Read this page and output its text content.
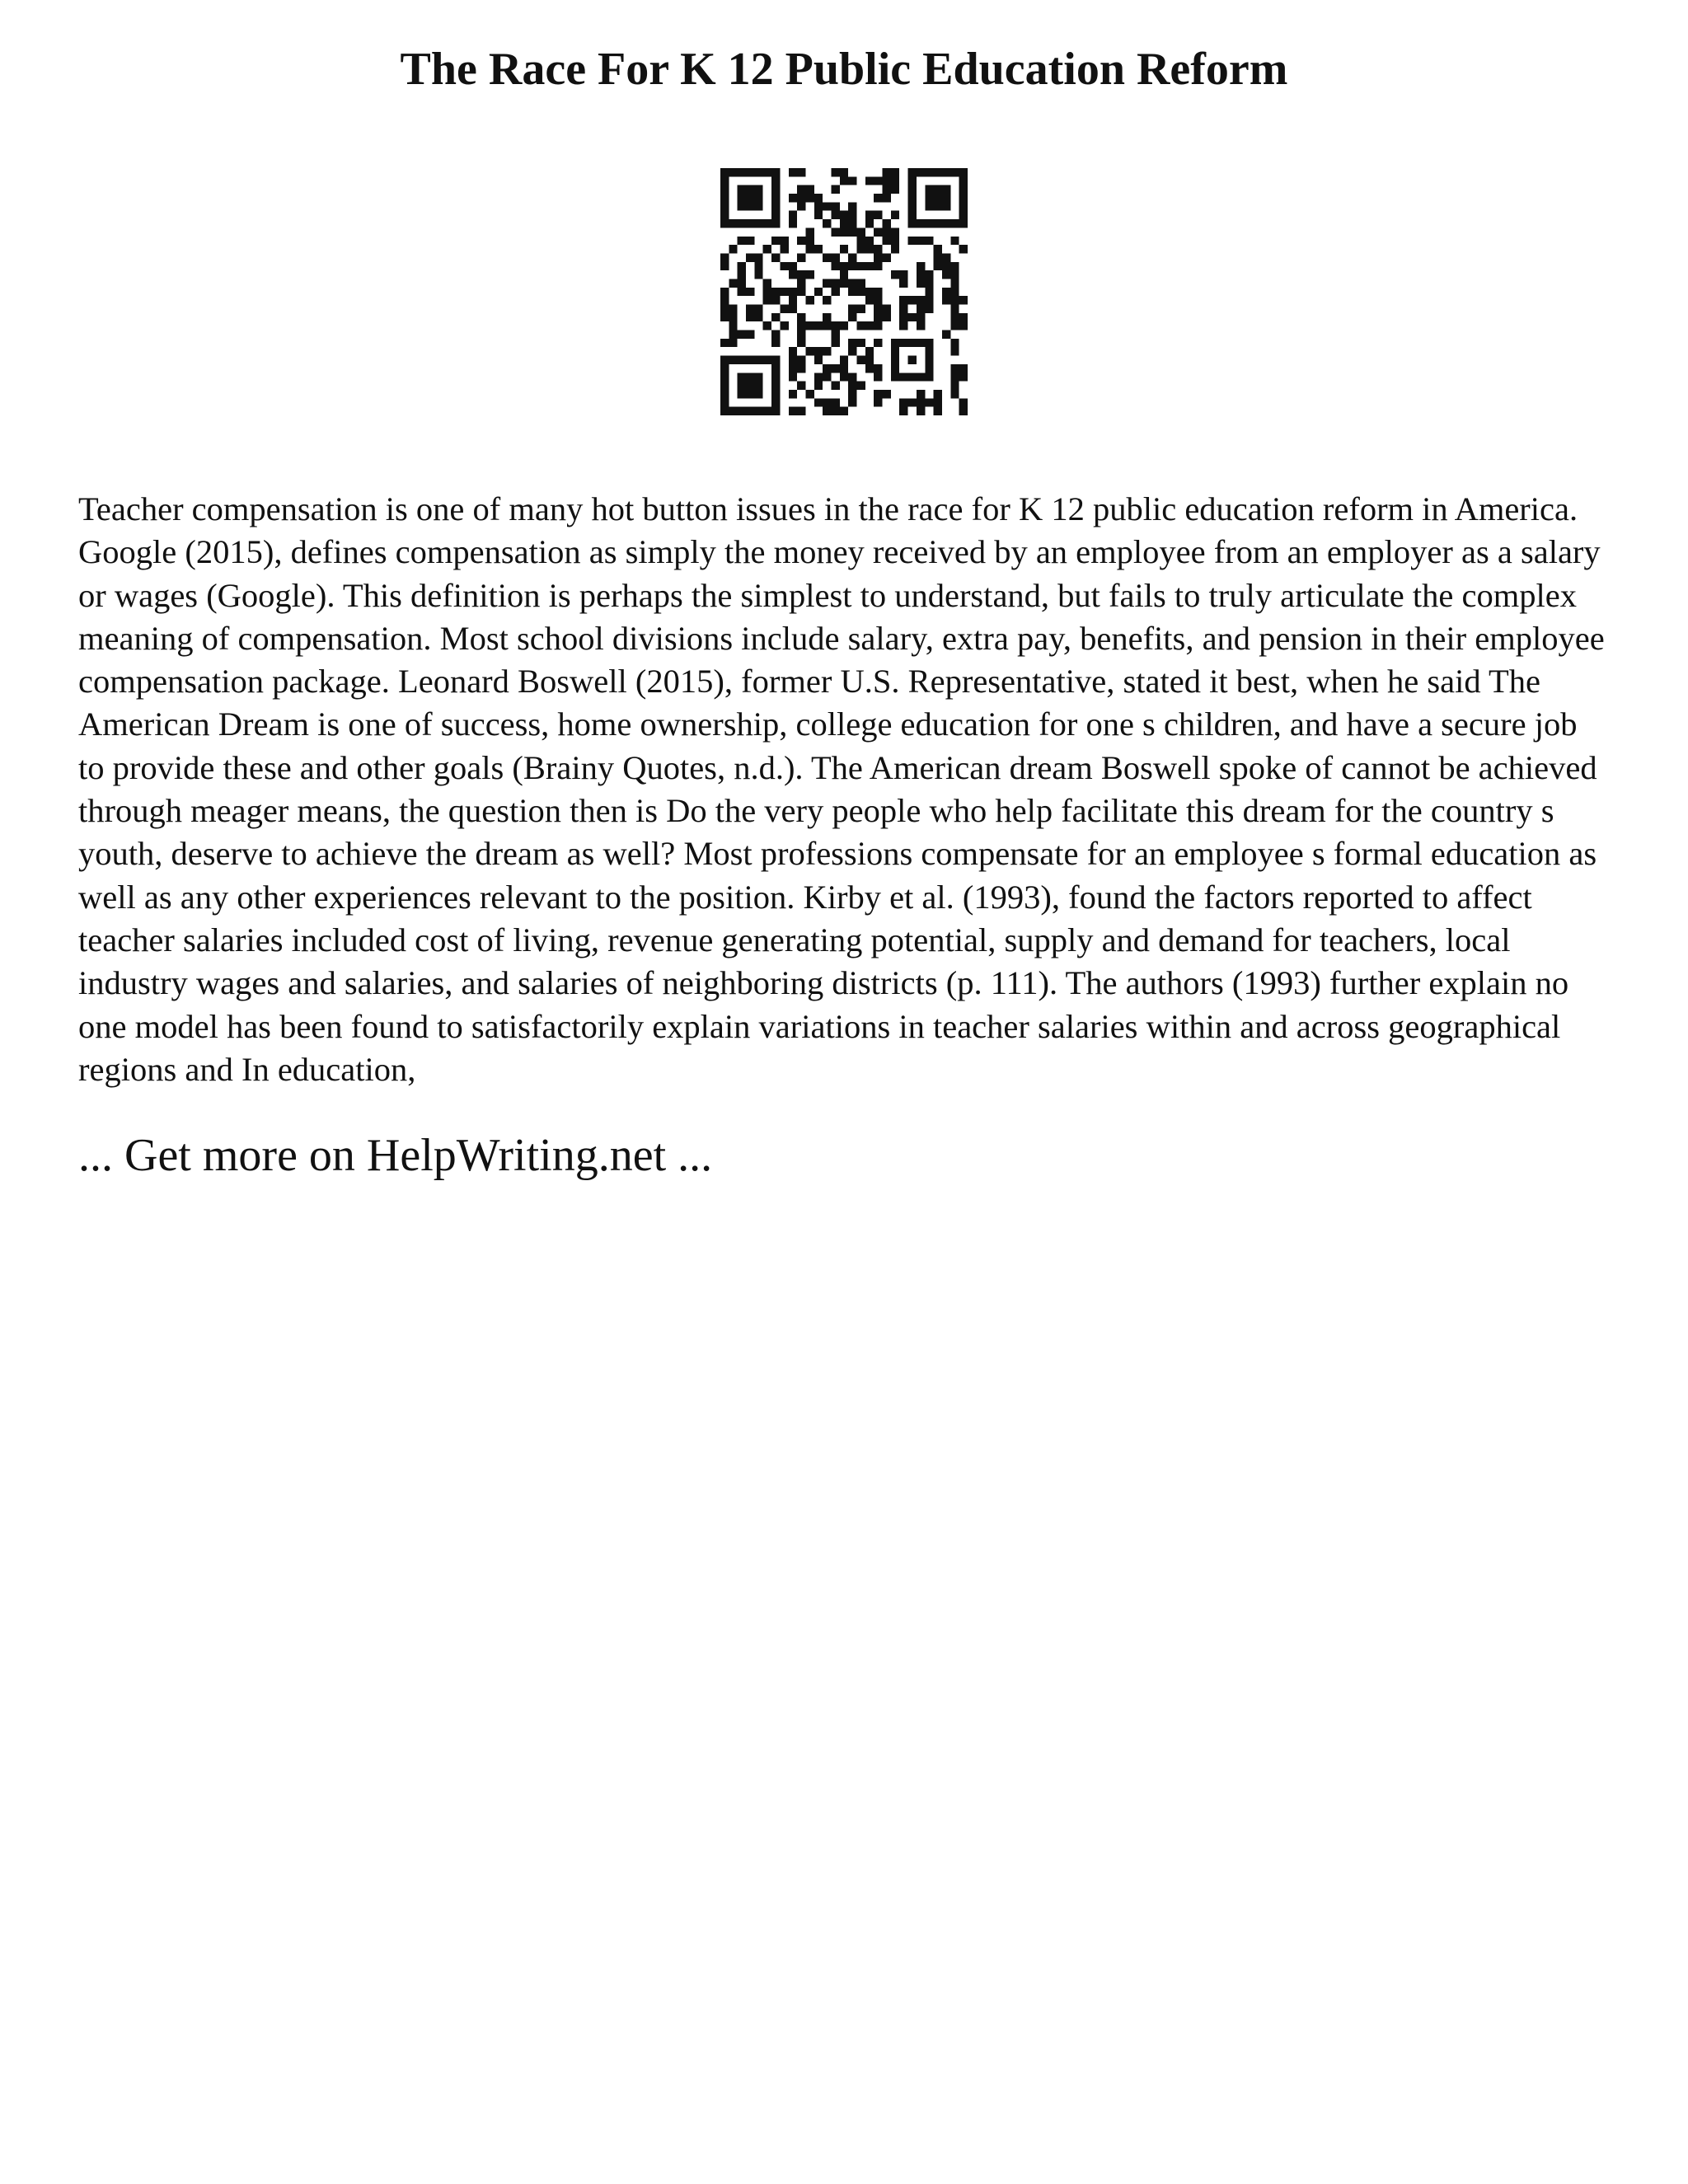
The Race For K 12 Public Education Reform

Teacher compensation is one of many hot button issues in the race for K 12 public education reform in America. Google (2015), defines compensation as simply the money received by an employee from an employer as a salary or wages (Google). This definition is perhaps the simplest to understand, but fails to truly articulate the complex meaning of compensation. Most school divisions include salary, extra pay, benefits, and pension in their employee compensation package. Leonard Boswell (2015), former U.S. Representative, stated it best, when he said The American Dream is one of success, home ownership, college education for one s children, and have a secure job to provide these and other goals (Brainy Quotes, n.d.). The American dream Boswell spoke of cannot be achieved through meager means, the question then is Do the very people who help facilitate this dream for the country s youth, deserve to achieve the dream as well? Most professions compensate for an employee s formal education as well as any other experiences relevant to the position. Kirby et al. (1993), found the factors reported to affect teacher salaries included cost of living, revenue generating potential, supply and demand for teachers, local industry wages and salaries, and salaries of neighboring districts (p. 111). The authors (1993) further explain no one model has been found to satisfactorily explain variations in teacher salaries within and across geographical regions and In education,

... Get more on HelpWriting.net ...
